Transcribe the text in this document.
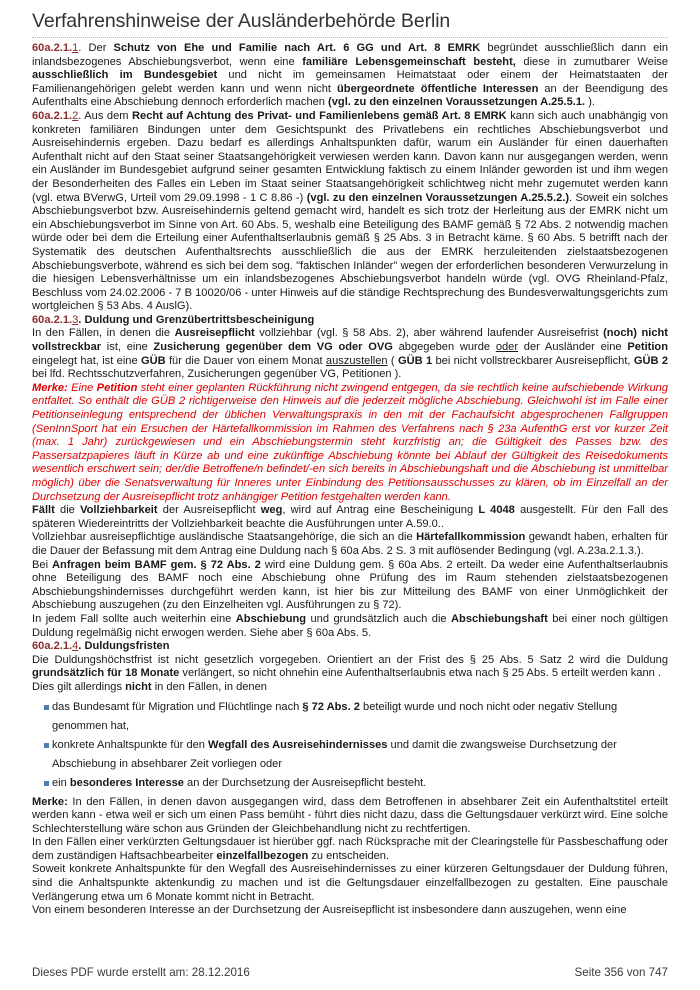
Verfahrenshinweise der Ausländerbehörde Berlin

60a.2.1.1. Der Schutz von Ehe und Familie nach Art. 6 GG und Art. 8 EMRK begründet ausschließlich dann ein inlandsbezogenes Abschiebungsverbot, wenn eine familiäre Lebensgemeinschaft besteht, diese in zumutbarer Weise ausschließlich im Bundesgebiet und nicht im gemeinsamen Heimatstaat oder einem der Heimatstaaten der Familienangehörigen gelebt werden kann und wenn nicht übergeordnete öffentliche Interessen an der Beendigung des Aufenthalts eine Abschiebung dennoch erforderlich machen (vgl. zu den einzelnen Voraussetzungen A.25.5.1. ).

60a.2.1.2. Aus dem Recht auf Achtung des Privat- und Familienlebens gemäß Art. 8 EMRK kann sich auch unabhängig von konkreten familiären Bindungen unter dem Gesichtspunkt des Privatlebens ein rechtliches Abschiebungsverbot und Ausreisehindernis ergeben. Dazu bedarf es allerdings Anhaltspunkten dafür, warum ein Ausländer für einen dauerhaften Aufenthalt nicht auf den Staat seiner Staatsangehörigkeit verwiesen werden kann. Davon kann nur ausgegangen werden, wenn ein Ausländer im Bundesgebiet aufgrund seiner gesamten Entwicklung faktisch zu einem Inländer geworden ist und ihm wegen der Besonderheiten des Falles ein Leben im Staat seiner Staatsangehörigkeit schlichtweg nicht mehr zugemutet werden kann (vgl. etwa BVerwG, Urteil vom 29.09.1998 - 1 C 8.86 -) (vgl. zu den einzelnen Voraussetzungen A.25.5.2.). Soweit ein solches Abschiebungsverbot bzw. Ausreisehindernis geltend gemacht wird, handelt es sich trotz der Herleitung aus der EMRK nicht um ein Abschiebungsverbot im Sinne von Art. 60 Abs. 5, weshalb eine Beteiligung des BAMF gemäß § 72 Abs. 2 notwendig machen würde oder bei dem die Erteilung einer Aufenthaltserlaubnis gemäß § 25 Abs. 3 in Betracht käme. § 60 Abs. 5 betrifft nach der Systematik des deutschen Aufenthaltsrechts ausschließlich die aus der EMRK herzuleitenden zielstaatsbezogenen Abschiebungsverbote, während es sich bei dem sog. "faktischen Inländer" wegen der erforderlichen besonderen Verwurzelung in die hiesigen Lebensverhältnisse um ein inlandsbezogenes Abschiebungsverbot handeln würde (vgl. OVG Rheinland-Pfalz, Beschluss vom 24.02.2006 - 7 B 10020/06 - unter Hinweis auf die ständige Rechtsprechung des Bundesverwaltungsgerichts zum wortgleichen § 53 Abs. 4 AuslG).

60a.2.1.3. Duldung und Grenzübertrittsbescheinigung

In den Fällen, in denen die Ausreisepflicht vollziehbar (vgl. § 58 Abs. 2), aber während laufender Ausreisefrist (noch) nicht vollstreckbar ist, eine Zusicherung gegenüber dem VG oder OVG abgegeben wurde oder der Ausländer eine Petition eingelegt hat, ist eine GÜB für die Dauer von einem Monat auszustellen ( GÜB 1 bei nicht vollstreckbarer Ausreisepflicht, GÜB 2 bei lfd. Rechtsschutzverfahren, Zusicherungen gegenüber VG, Petitionen ).

Merke: Eine Petition steht einer geplanten Rückführung nicht zwingend entgegen, da sie rechtlich keine aufschiebende Wirkung entfaltet. So enthält die GÜB 2 richtigerweise den Hinweis auf die jederzeit mögliche Abschiebung. Gleichwohl ist im Falle einer Petitionseinlegung entsprechend der üblichen Verwaltungspraxis in den mit der Fachaufsicht abgesprochenen Fallgruppen (SenInnSport hat ein Ersuchen der Härtefallkommission im Rahmen des Verfahrens nach § 23a AufenthG erst vor kurzer Zeit (max. 1 Jahr) zurückgewiesen und ein Abschiebungstermin steht kurzfristig an; die Gültigkeit des Passes bzw. des Passersatzpapieres läuft in Kürze ab und eine zukünftige Abschiebung könnte bei Ablauf der Gültigkeit des Reisedokuments wesentlich erschwert sein; der/die Betroffene/n befindet/-en sich bereits in Abschiebungshaft und die Abschiebung ist unmittelbar möglich) über die Senatsverwaltung für Inneres unter Einbindung des Petitionsausschusses zu klären, ob im Einzelfall an der Durchsetzung der Ausreisepflicht trotz anhängiger Petition festgehalten werden kann.

Fällt die Vollziehbarkeit der Ausreisepflicht weg, wird auf Antrag eine Bescheinigung L 4048 ausgestellt. Für den Fall des späteren Wiedereintritts der Vollziehbarkeit beachte die Ausführungen unter A.59.0..

Vollziehbar ausreisepflichtige ausländische Staatsangehörige, die sich an die Härtefallkommission gewandt haben, erhalten für die Dauer der Befassung mit dem Antrag eine Duldung nach § 60a Abs. 2 S. 3 mit auflösender Bedingung (vgl. A.23a.2.1.3.).

Bei Anfragen beim BAMF gem. § 72 Abs. 2 wird eine Duldung gem. § 60a Abs. 2 erteilt. Da weder eine Aufenthaltserlaubnis ohne Beteiligung des BAMF noch eine Abschiebung ohne Prüfung des im Raum stehenden zielstaatsbezogenen Abschiebungshindernisses durchgeführt werden kann, ist hier bis zur Mitteilung des BAMF von einer Unmöglichkeit der Abschiebung auszugehen (zu den Einzelheiten vgl. Ausführungen zu § 72).

In jedem Fall sollte auch weiterhin eine Abschiebung und grundsätzlich auch die Abschiebungshaft bei einer noch gültigen Duldung regelmäßig nicht erwogen werden. Siehe aber § 60a Abs. 5.

60a.2.1.4. Duldungsfristen

Die Duldungshöchstfrist ist nicht gesetzlich vorgegeben. Orientiert an der Frist des § 25 Abs. 5 Satz 2 wird die Duldung grundsätzlich für 18 Monate verlängert, so nicht ohnehin eine Aufenthaltserlaubnis etwa nach § 25 Abs. 5 erteilt werden kann .

Dies gilt allerdings nicht in den Fällen, in denen

das Bundesamt für Migration und Flüchtlinge nach § 72 Abs. 2 beteiligt wurde und noch nicht oder negativ Stellung genommen hat,
konkrete Anhaltspunkte für den Wegfall des Ausreisehindernisses und damit die zwangsweise Durchsetzung der Abschiebung in absehbarer Zeit vorliegen oder
ein besonderes Interesse an der Durchsetzung der Ausreisepflicht besteht.

Merke: In den Fällen, in denen davon ausgegangen wird, dass dem Betroffenen in absehbarer Zeit ein Aufenthaltstitel erteilt werden kann - etwa weil er sich um einen Pass bemüht - führt dies nicht dazu, dass die Geltungsdauer verkürzt wird. Eine solche Schlechterstellung wäre schon aus Gründen der Gleichbehandlung nicht zu rechtfertigen.

In den Fällen einer verkürzten Geltungsdauer ist hierüber ggf. nach Rücksprache mit der Clearingstelle für Passbeschaffung oder dem zuständigen Haftsachbearbeiter einzelfallbezogen zu entscheiden.

Soweit konkrete Anhaltspunkte für den Wegfall des Ausreisehindernisses zu einer kürzeren Geltungsdauer der Duldung führen, sind die Anhaltspunkte aktenkundig zu machen und ist die Geltungsdauer einzelfallbezogen zu gestalten. Eine pauschale Verlängerung etwa um 6 Monate kommt nicht in Betracht.

Von einem besonderen Interesse an der Durchsetzung der Ausreisepflicht ist insbesondere dann auszugehen, wenn eine

Dieses PDF wurde erstellt am: 28.12.2016	Seite 356 von 747
